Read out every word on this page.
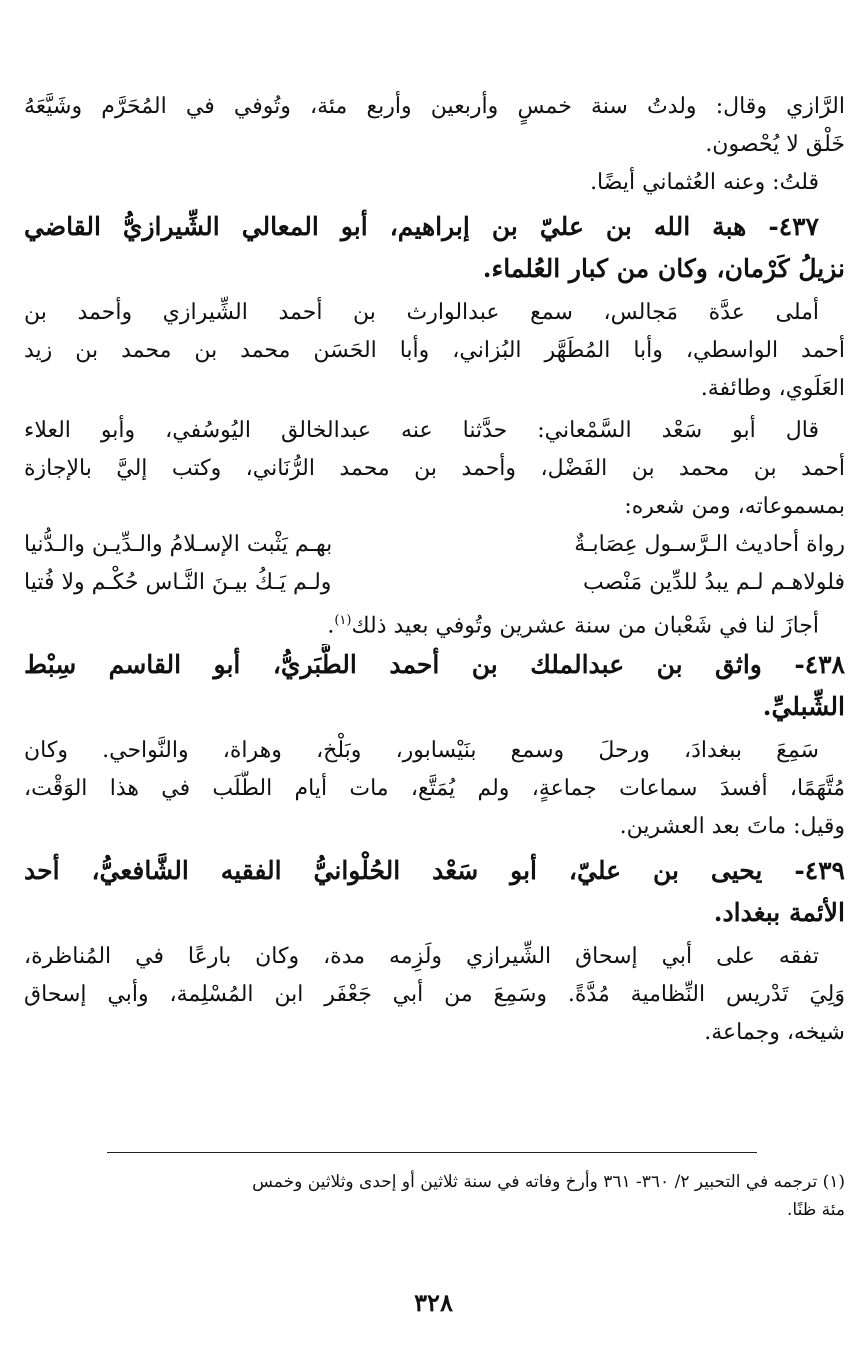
الرَّازي وقال: ولدتُ سنة خمسٍ وأربعين وأربع مئة، وتُوفي في المُحَرَّم وشَيَّعَهُ
خَلْق لا يُحْصون.
قلتُ: وعنه العُثماني أيضًا.
٤٣٧- هبة الله بن عليّ بن إبراهيم، أبو المعالي الشِّيرازيُّ القاضي
نزيلُ كَرْمان، وكان من كبار العُلماء.
أملى عدَّة مَجالس، سمع عبدالوارث بن أحمد الشِّيرازي وأحمد بن
أحمد الواسطي، وأبا المُطَهَّر البُزاني، وأبا الحَسَن محمد بن محمد بن زيد
العَلَوي، وطائفة.
قال أبو سَعْد السَّمْعاني: حدَّثنا عنه عبدالخالق اليُوسُفي، وأبو العلاء
أحمد بن محمد بن الفَضْل، وأحمد بن محمد الرُّنَاني، وكتب إليَّ بالإجازة
بمسموعاته، ومن شعره:
رواة أحاديث الـرَّسـول عِصَابـةٌ
بهـم يَثْبت الإسـلامُ والـدِّيـن والـدُّنيا
فلولاهـم لـم يبدُ للدِّين مَنْصب
ولـم يَـكُ بيـنَ النَّـاس حُكْـم ولا فُتيا
أجازَ لنا في شَعْبان من سنة عشرين وتُوفي بعيد ذلك$^{(١)}$.
٤٣٨- واثق بن عبدالملك بن أحمد الطَّبَريُّ، أبو القاسم سِبْط
الشِّبليِّ.
سَمِعَ ببغدادَ، ورحلَ وسمع بنَيْسابور، وبَلْخ، وهراة، والنَّواحي. وكان
مُتَّهَمًا، أفسدَ سماعات جماعةٍ، ولم يُمَتَّع، مات أيام الطَّلَب في هذا الوَقْت،
وقيل: ماتَ بعد العشرين.
٤٣٩- يحيى بن عليّ، أبو سَعْد الحُلْوانيُّ الفقيه الشَّافعيُّ، أحد
الأئمة ببغداد.
تفقه على أبي إسحاق الشِّيرازي ولَزِمه مدة، وكان بارعًا في المُناظرة،
وَلِيَ تَدْريس النِّظامية مُدَّةً. وسَمِعَ من أبي جَعْفَر ابن المُسْلِمة، وأبي إسحاق
شيخه، وجماعة.
(١) ترجمه في التحبير ٢/ ٣٦٠- ٣٦١ وأرخ وفاته في سنة ثلاثين أو إحدى وثلاثين وخمس
مئة ظنًا.
٣٢٨
